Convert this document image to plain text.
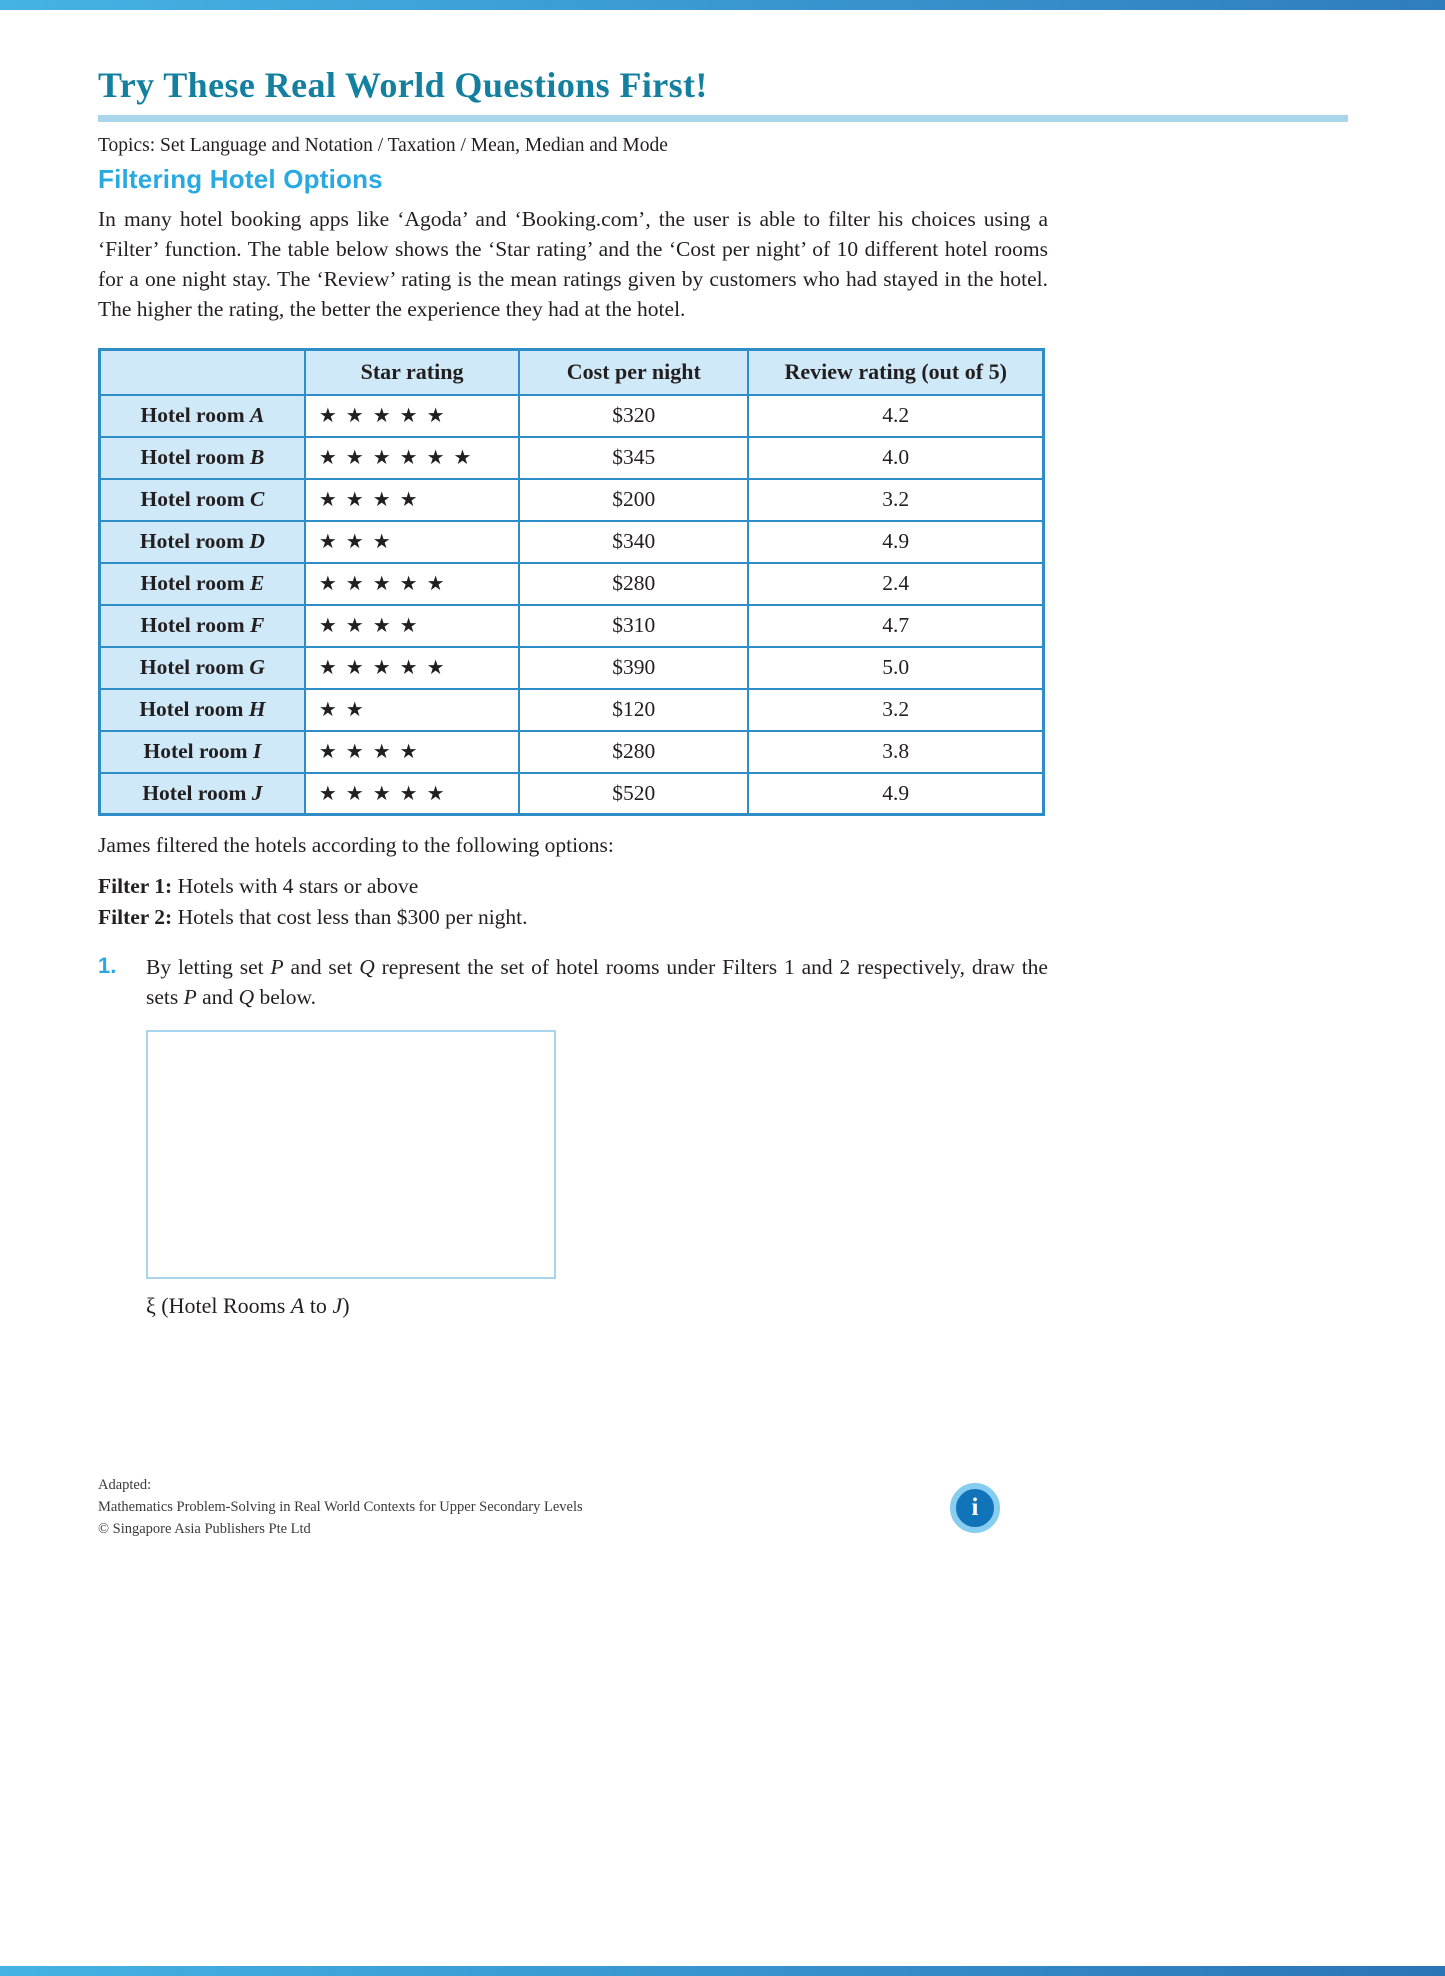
Try These Real World Questions First!

Topics: Set Language and Notation / Taxation / Mean, Median and Mode

Filtering Hotel Options

In many hotel booking apps like ‘Agoda’ and ‘Booking.com’, the user is able to filter his choices using a ‘Filter’ function. The table below shows the ‘Star rating’ and the ‘Cost per night’ of 10 different hotel rooms for a one night stay. The ‘Review’ rating is the mean ratings given by customers who had stayed in the hotel. The higher the rating, the better the experience they had at the hotel.

	Star rating	Cost per night	Review rating (out of 5)
Hotel room A	★ ★ ★ ★ ★	$320	4.2
Hotel room B	★ ★ ★ ★ ★ ★	$345	4.0
Hotel room C	★ ★ ★ ★	$200	3.2
Hotel room D	★ ★ ★	$340	4.9
Hotel room E	★ ★ ★ ★ ★	$280	2.4
Hotel room F	★ ★ ★ ★	$310	4.7
Hotel room G	★ ★ ★ ★ ★	$390	5.0
Hotel room H	★ ★	$120	3.2
Hotel room I	★ ★ ★ ★	$280	3.8
Hotel room J	★ ★ ★ ★ ★	$520	4.9

James filtered the hotels according to the following options:

Filter 1: Hotels with 4 stars or above
Filter 2: Hotels that cost less than $300 per night.
1.	By letting set P and set Q represent the set of hotel rooms under Filters 1 and 2 respectively, draw the sets P and Q below.

ξ (Hotel Rooms A to J)

Adapted:
Mathematics Problem-Solving in Real World Contexts for Upper Secondary Levels
© Singapore Asia Publishers Pte Ltd
i
